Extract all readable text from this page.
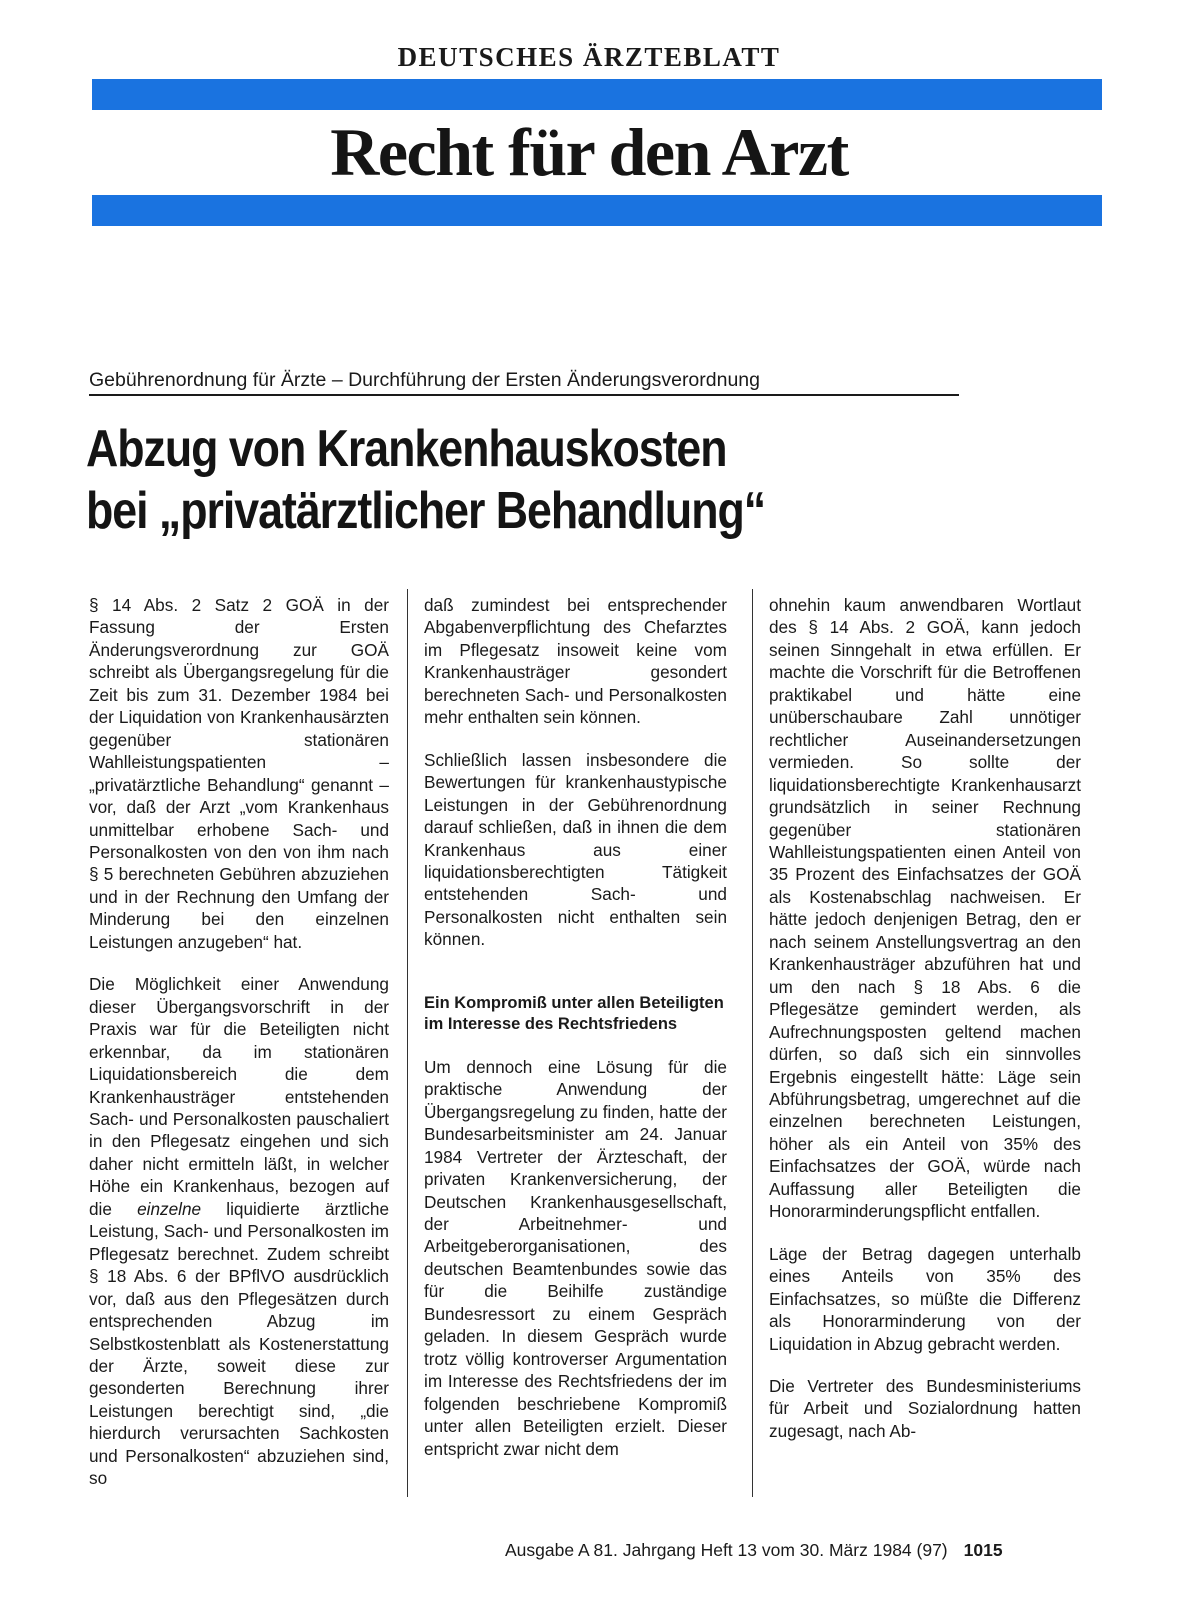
DEUTSCHES ÄRZTEBLATT
Recht für den Arzt
Gebührenordnung für Ärzte – Durchführung der Ersten Änderungsverordnung
Abzug von Krankenhauskosten
bei „privatärztlicher Behandlung“

§ 14 Abs. 2 Satz 2 GOÄ in der Fassung der Ersten Änderungsverordnung zur GOÄ schreibt als Übergangsregelung für die Zeit bis zum 31. Dezember 1984 bei der Liquidation von Krankenhausärzten gegenüber stationären Wahlleistungspatienten – „privatärztliche Behandlung“ genannt – vor, daß der Arzt „vom Krankenhaus unmittelbar erhobene Sach- und Personalkosten von den von ihm nach § 5 berechneten Gebühren abzuziehen und in der Rechnung den Umfang der Minderung bei den einzelnen Leistungen anzugeben“ hat.

Die Möglichkeit einer Anwendung dieser Übergangsvorschrift in der Praxis war für die Beteiligten nicht erkennbar, da im stationären Liquidationsbereich die dem Krankenhausträger entstehenden Sach- und Personalkosten pauschaliert in den Pflegesatz eingehen und sich daher nicht ermitteln läßt, in welcher Höhe ein Krankenhaus, bezogen auf die einzelne liquidierte ärztliche Leistung, Sach- und Personalkosten im Pflegesatz berechnet. Zudem schreibt § 18 Abs. 6 der BPflVO ausdrücklich vor, daß aus den Pflegesätzen durch entsprechenden Abzug im Selbstkostenblatt als Kostenerstattung der Ärzte, soweit diese zur gesonderten Berechnung ihrer Leistungen berechtigt sind, „die hierdurch verursachten Sachkosten und Personalkosten“ abzuziehen sind, so

daß zumindest bei entsprechender Abgabenverpflichtung des Chefarztes im Pflegesatz insoweit keine vom Krankenhausträger gesondert berechneten Sach- und Personalkosten mehr enthalten sein können.

Schließlich lassen insbesondere die Bewertungen für krankenhaustypische Leistungen in der Gebührenordnung darauf schließen, daß in ihnen die dem Krankenhaus aus einer liquidationsberechtigten Tätigkeit entstehenden Sach- und Personalkosten nicht enthalten sein können.

Ein Kompromiß unter allen Beteiligten im Interesse des Rechtsfriedens

Um dennoch eine Lösung für die praktische Anwendung der Übergangsregelung zu finden, hatte der Bundesarbeitsminister am 24. Januar 1984 Vertreter der Ärzteschaft, der privaten Krankenversicherung, der Deutschen Krankenhausgesellschaft, der Arbeitnehmer- und Arbeitgeberorganisationen, des deutschen Beamtenbundes sowie das für die Beihilfe zuständige Bundesressort zu einem Gespräch geladen. In diesem Gespräch wurde trotz völlig kontroverser Argumentation im Interesse des Rechtsfriedens der im folgenden beschriebene Kompromiß unter allen Beteiligten erzielt. Dieser entspricht zwar nicht dem

ohnehin kaum anwendbaren Wortlaut des § 14 Abs. 2 GOÄ, kann jedoch seinen Sinngehalt in etwa erfüllen. Er machte die Vorschrift für die Betroffenen praktikabel und hätte eine unüberschaubare Zahl unnötiger rechtlicher Auseinandersetzungen vermieden. So sollte der liquidationsberechtigte Krankenhausarzt grundsätzlich in seiner Rechnung gegenüber stationären Wahlleistungspatienten einen Anteil von 35 Prozent des Einfachsatzes der GOÄ als Kostenabschlag nachweisen. Er hätte jedoch denjenigen Betrag, den er nach seinem Anstellungsvertrag an den Krankenhausträger abzuführen hat und um den nach § 18 Abs. 6 die Pflegesätze gemindert werden, als Aufrechnungsposten geltend machen dürfen, so daß sich ein sinnvolles Ergebnis eingestellt hätte: Läge sein Abführungsbetrag, umgerechnet auf die einzelnen berechneten Leistungen, höher als ein Anteil von 35% des Einfachsatzes der GOÄ, würde nach Auffassung aller Beteiligten die Honorarminderungspflicht entfallen.

Läge der Betrag dagegen unterhalb eines Anteils von 35% des Einfachsatzes, so müßte die Differenz als Honorarminderung von der Liquidation in Abzug gebracht werden.

Die Vertreter des Bundesministeriums für Arbeit und Sozialordnung hatten zugesagt, nach Ab-

Ausgabe A 81. Jahrgang Heft 13 vom 30. März 1984 (97) 1015
